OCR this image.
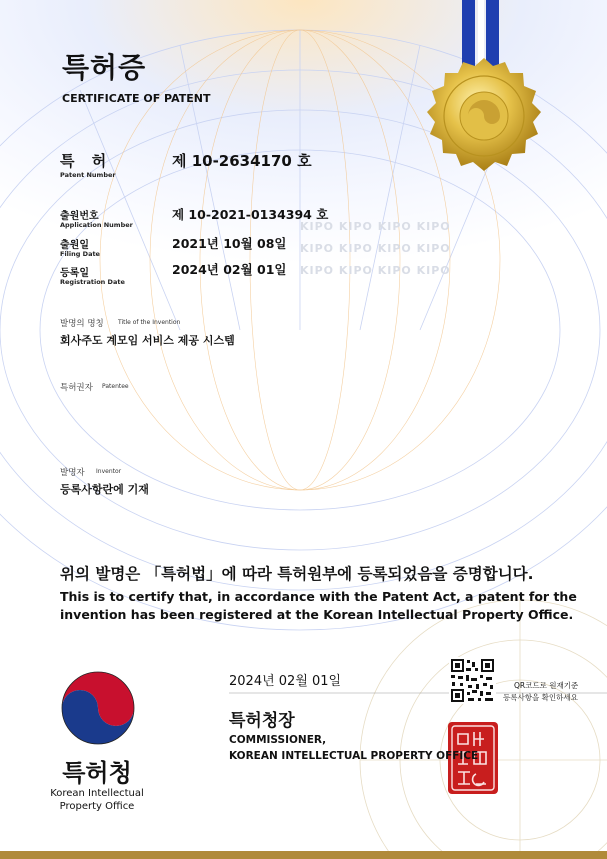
KIPO KIPO KIPO KIPO
KIPO KIPO KIPO KIPO
KIPO KIPO KIPO KIPO
특허증
CERTIFICATE OF PATENT
특 허
Patent Number
제 10-2634170 호
출원번호
Application Number
제 10-2021-0134394 호
출원일
Filing Date
2021년 10월 08일
등록일
Registration Date
2024년 02월 01일
발명의 명칭 Title of the Invention
회사주도 계모임 서비스 제공 시스템
특허권자 Patentee
발명자 Inventor
등록사항란에 기재
위의 발명은 「특허법」에 따라 특허원부에 등록되었음을 증명합니다.
This is to certify that, in accordance with the Patent Act, a patent for the
invention has been registered at the Korean Intellectual Property Office.
2024년 02월 01일
특허청장
COMMISSIONER,
KOREAN INTELLECTUAL PROPERTY OFFICE
QR코드로 원재기준
등록사항을 확인하세요
특허청
Korean Intellectual
Property Office
